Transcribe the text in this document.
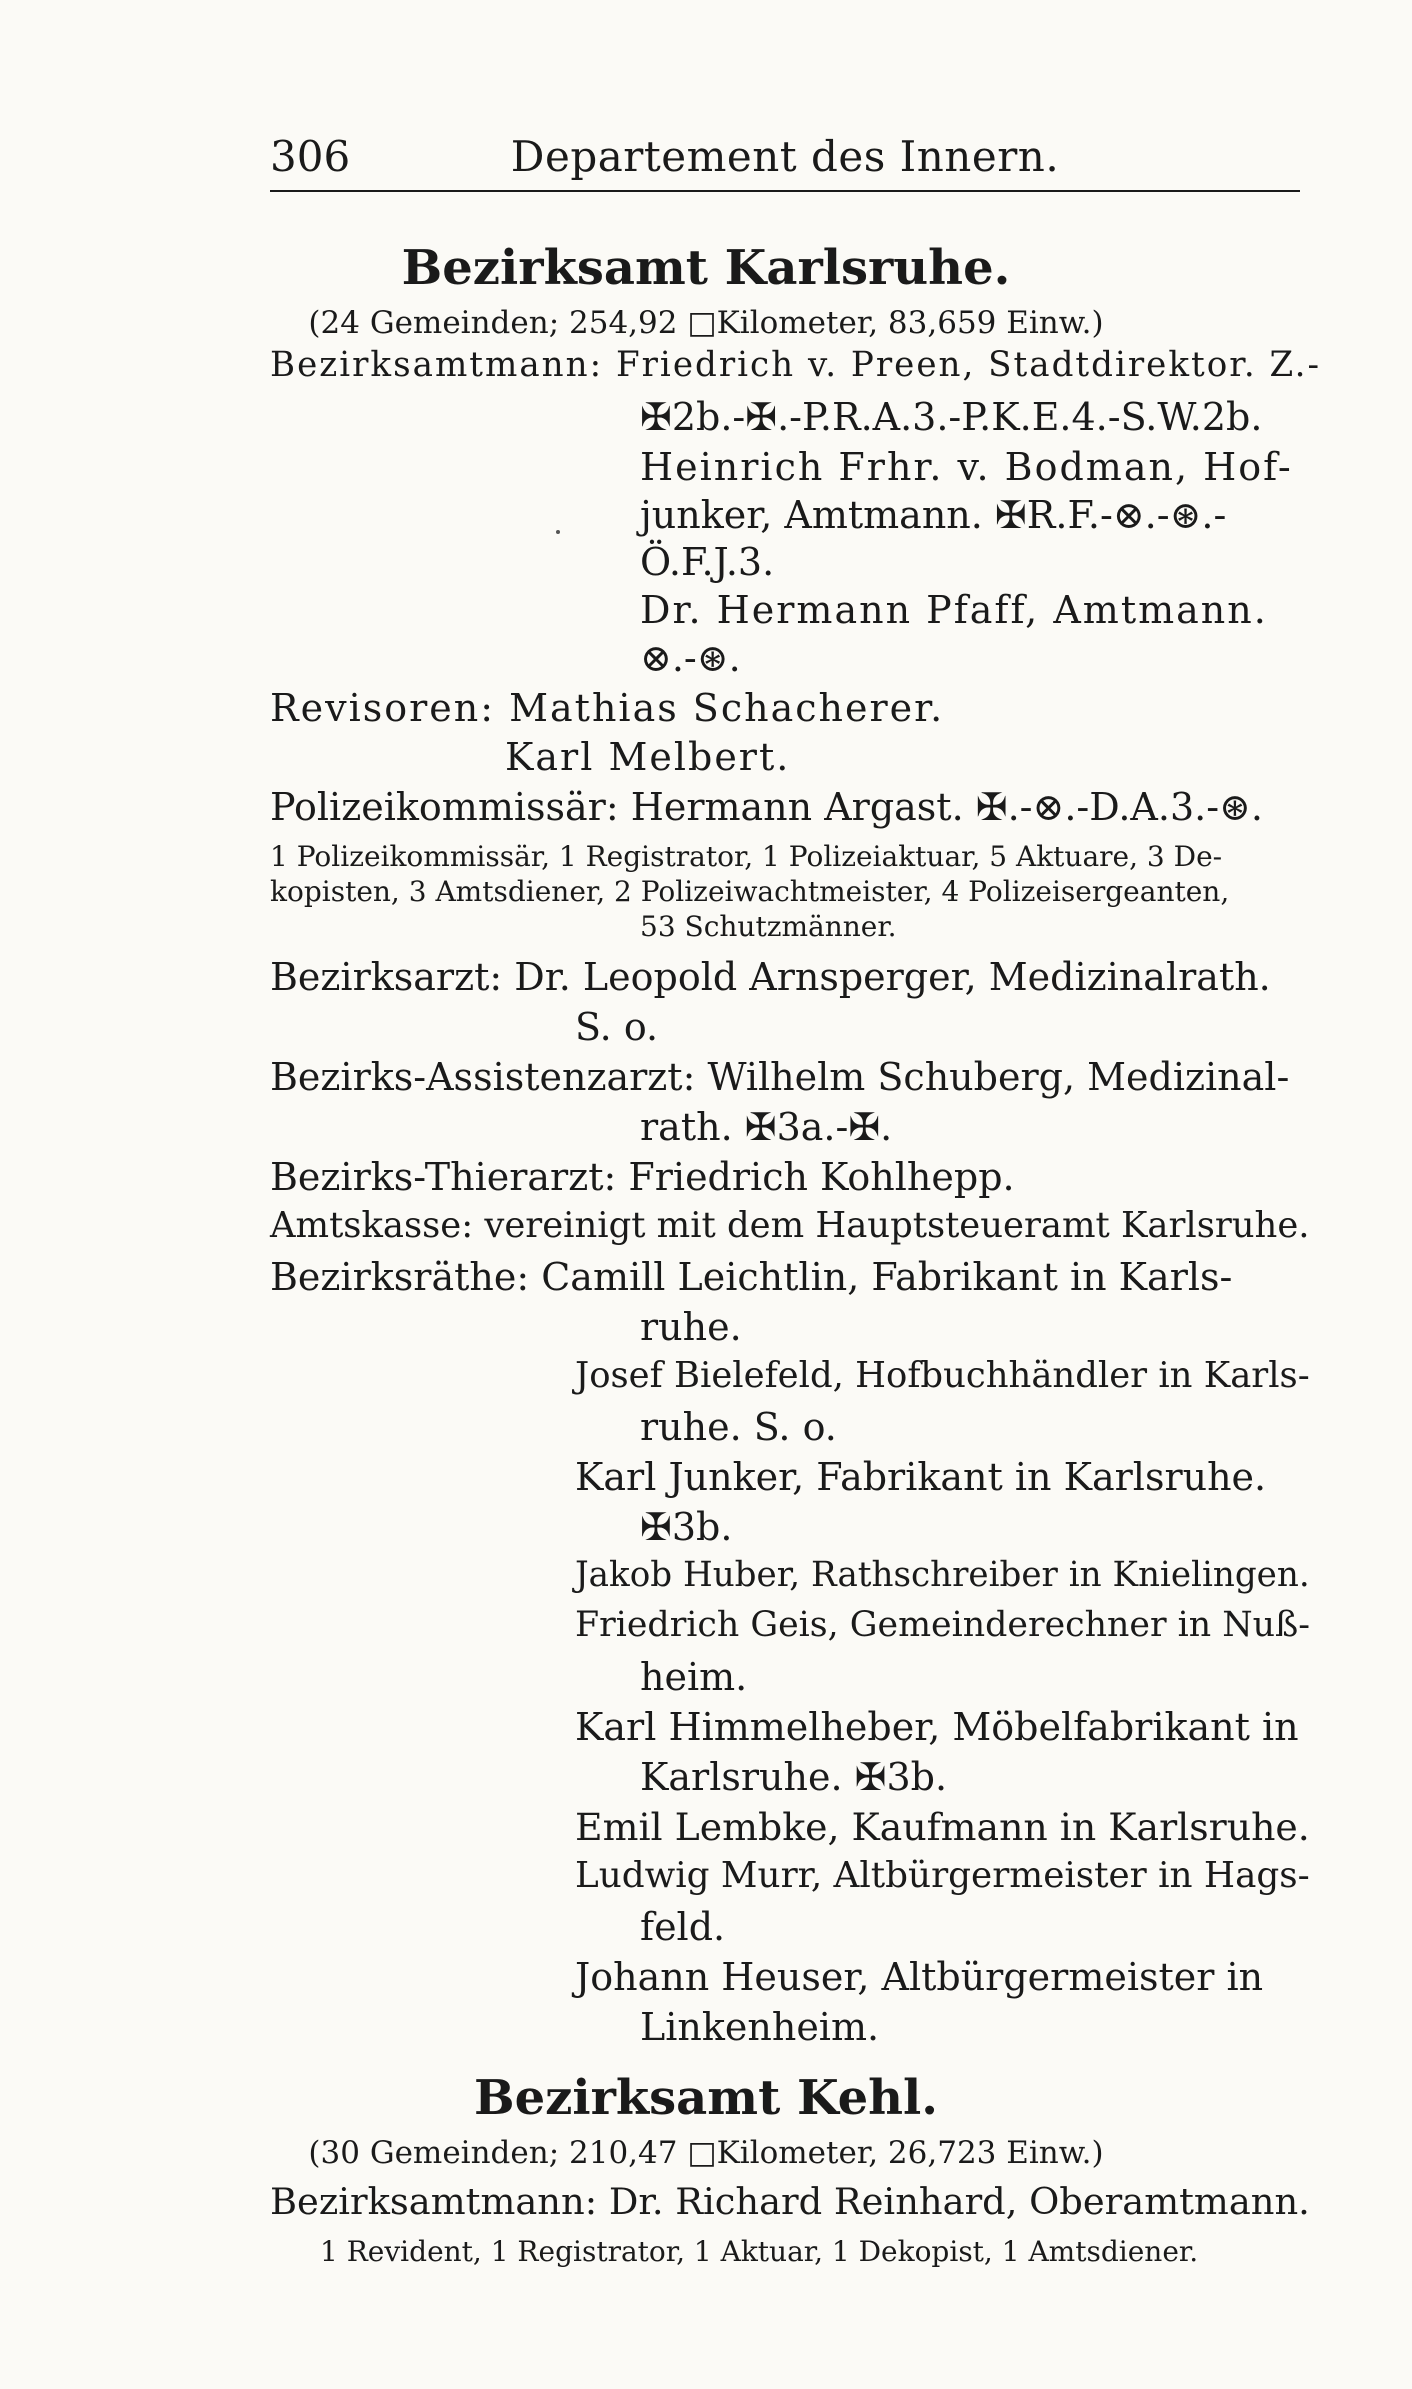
306	Departement des Innern.
Bezirksamt Karlsruhe.
(24 Gemeinden; 254,92 □Kilometer, 83,659 Einw.)
Bezirksamtmann: Friedrich v. Preen, Stadtdirektor. Z.-
✠2b.-✠.-P.R.A.3.-P.K.E.4.-S.W.2b.
Heinrich Frhr. v. Bodman, Hof-
junker, Amtmann. ✠R.F.-⊗.-⊛.-
Ö.F.J.3.
Dr. Hermann Pfaff, Amtmann.
⊗.-⊛.
Revisoren: Mathias Schacherer.
Karl Melbert.
Polizeikommissär: Hermann Argast. ✠.-⊗.-D.A.3.-⊛.
1 Polizeikommissär, 1 Registrator, 1 Polizeiaktuar, 5 Aktuare, 3 De-
kopisten, 3 Amtsdiener, 2 Polizeiwachtmeister, 4 Polizeisergeanten,
53 Schutzmänner.
Bezirksarzt: Dr. Leopold Arnsperger, Medizinalrath.
S. o.
Bezirks-Assistenzarzt: Wilhelm Schuberg, Medizinal-
rath. ✠3a.-✠.
Bezirks-Thierarzt: Friedrich Kohlhepp.
Amtskasse: vereinigt mit dem Hauptsteueramt Karlsruhe.
Bezirksräthe: Camill Leichtlin, Fabrikant in Karls-
ruhe.
Josef Bielefeld, Hofbuchhändler in Karls-
ruhe. S. o.
Karl Junker, Fabrikant in Karlsruhe.
✠3b.
Jakob Huber, Rathschreiber in Knielingen.
Friedrich Geis, Gemeinderechner in Nuß-
heim.
Karl Himmelheber, Möbelfabrikant in
Karlsruhe. ✠3b.
Emil Lembke, Kaufmann in Karlsruhe.
Ludwig Murr, Altbürgermeister in Hags-
feld.
Johann Heuser, Altbürgermeister in
Linkenheim.
Bezirksamt Kehl.
(30 Gemeinden; 210,47 □Kilometer, 26,723 Einw.)
Bezirksamtmann: Dr. Richard Reinhard, Oberamtmann.
1 Revident, 1 Registrator, 1 Aktuar, 1 Dekopist, 1 Amtsdiener.
